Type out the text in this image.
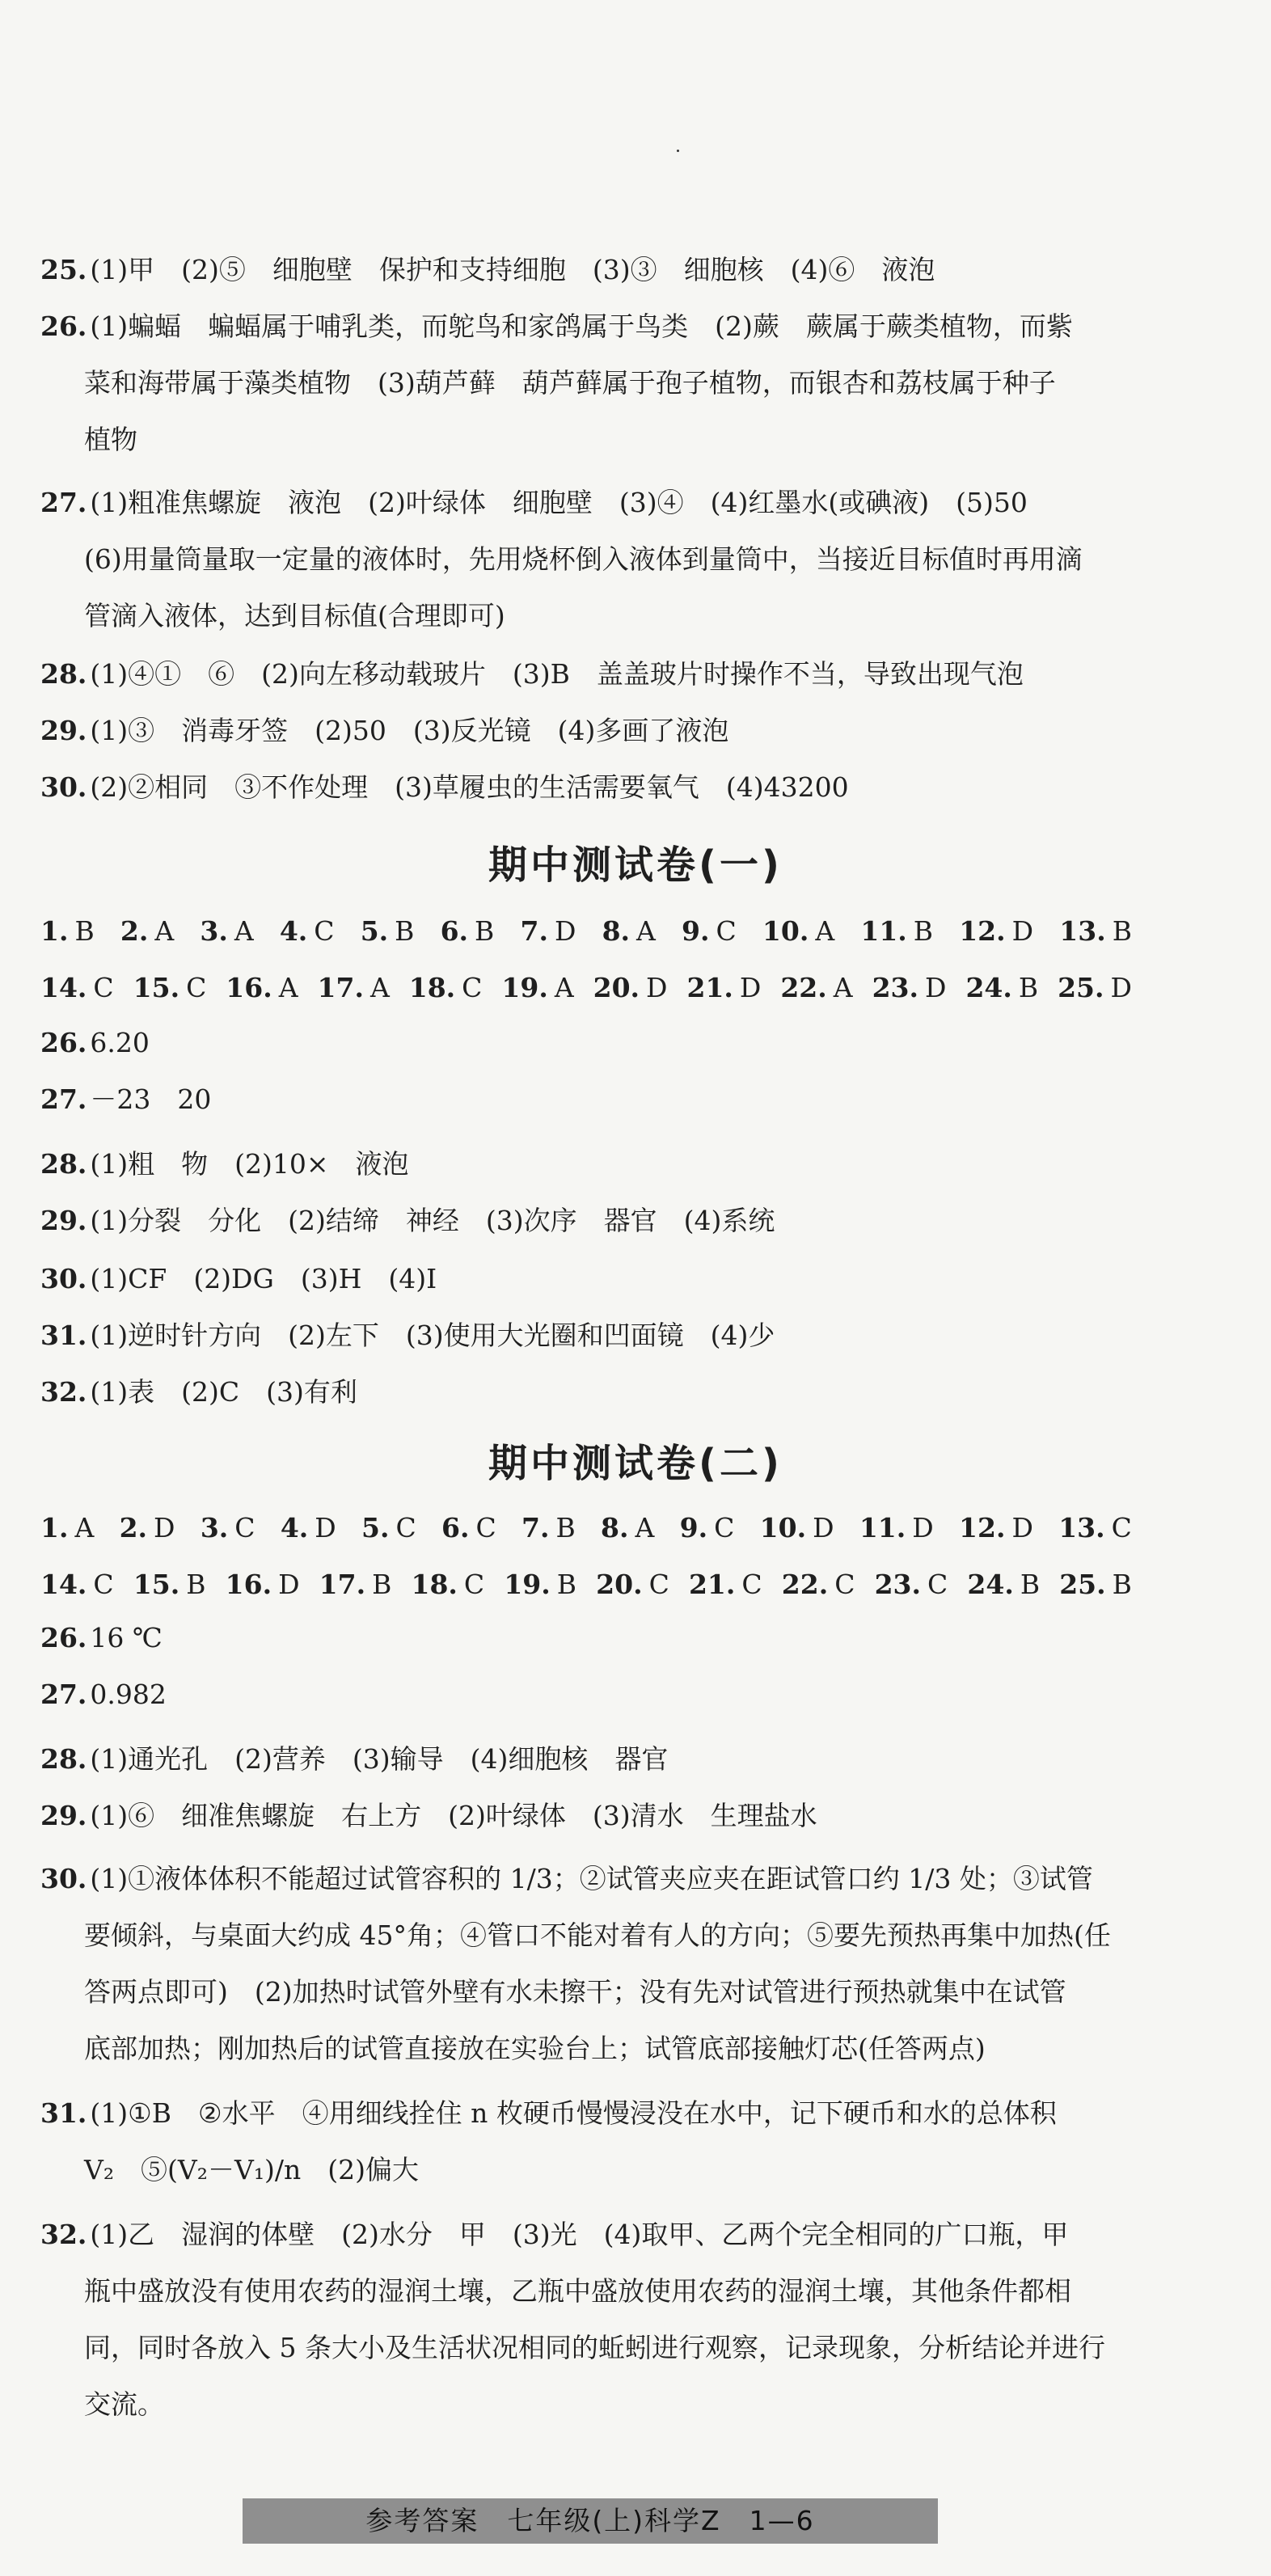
25. (1)甲　(2)⑤　细胞壁　保护和支持细胞　(3)③　细胞核　(4)⑥　液泡
26. (1)蝙蝠　蝙蝠属于哺乳类，而鸵鸟和家鸽属于鸟类　(2)蕨　蕨属于蕨类植物，而紫
菜和海带属于藻类植物　(3)葫芦藓　葫芦藓属于孢子植物，而银杏和荔枝属于种子
植物
27. (1)粗准焦螺旋　液泡　(2)叶绿体　细胞壁　(3)④　(4)红墨水(或碘液)　(5)50
(6)用量筒量取一定量的液体时，先用烧杯倒入液体到量筒中，当接近目标值时再用滴
管滴入液体，达到目标值(合理即可)
28. (1)④①　⑥　(2)向左移动载玻片　(3)B　盖盖玻片时操作不当，导致出现气泡
29. (1)③　消毒牙签　(2)50　(3)反光镜　(4)多画了液泡
30. (2)②相同　③不作处理　(3)草履虫的生活需要氧气　(4)43200
期中测试卷(一)
1. B 2. A 3. A 4. C 5. B 6. B 7. D 8. A 9. C 10. A 11. B 12. D 13. B
14. C 15. C 16. A 17. A 18. C 19. A 20. D 21. D 22. A 23. D 24. B 25. D
26. 6.20
27. －23　20
28. (1)粗　物　(2)10×　液泡
29. (1)分裂　分化　(2)结缔　神经　(3)次序　器官　(4)系统
30. (1)CF　(2)DG　(3)H　(4)I
31. (1)逆时针方向　(2)左下　(3)使用大光圈和凹面镜　(4)少
32. (1)表　(2)C　(3)有利
期中测试卷(二)
1. A 2. D 3. C 4. D 5. C 6. C 7. B 8. A 9. C 10. D 11. D 12. D 13. C
14. C 15. B 16. D 17. B 18. C 19. B 20. C 21. C 22. C 23. C 24. B 25. B
26. 16 ℃
27. 0.982
28. (1)通光孔　(2)营养　(3)输导　(4)细胞核　器官
29. (1)⑥　细准焦螺旋　右上方　(2)叶绿体　(3)清水　生理盐水
30. (1)①液体体积不能超过试管容积的 1/3；②试管夹应夹在距试管口约 1/3 处；③试管
要倾斜，与桌面大约成 45°角；④管口不能对着有人的方向；⑤要先预热再集中加热(任
答两点即可)　(2)加热时试管外壁有水未擦干；没有先对试管进行预热就集中在试管
底部加热；刚加热后的试管直接放在实验台上；试管底部接触灯芯(任答两点)
31. (1)①B　②水平　④用细线拴住 n 枚硬币慢慢浸没在水中，记下硬币和水的总体积
V₂　⑤(V₂－V₁)/n　(2)偏大
32. (1)乙　湿润的体壁　(2)水分　甲　(3)光　(4)取甲、乙两个完全相同的广口瓶，甲
瓶中盛放没有使用农药的湿润土壤，乙瓶中盛放使用农药的湿润土壤，其他条件都相
同，同时各放入 5 条大小及生活状况相同的蚯蚓进行观察，记录现象，分析结论并进行
交流。
参考答案　七年级(上)科学Z　1—6
